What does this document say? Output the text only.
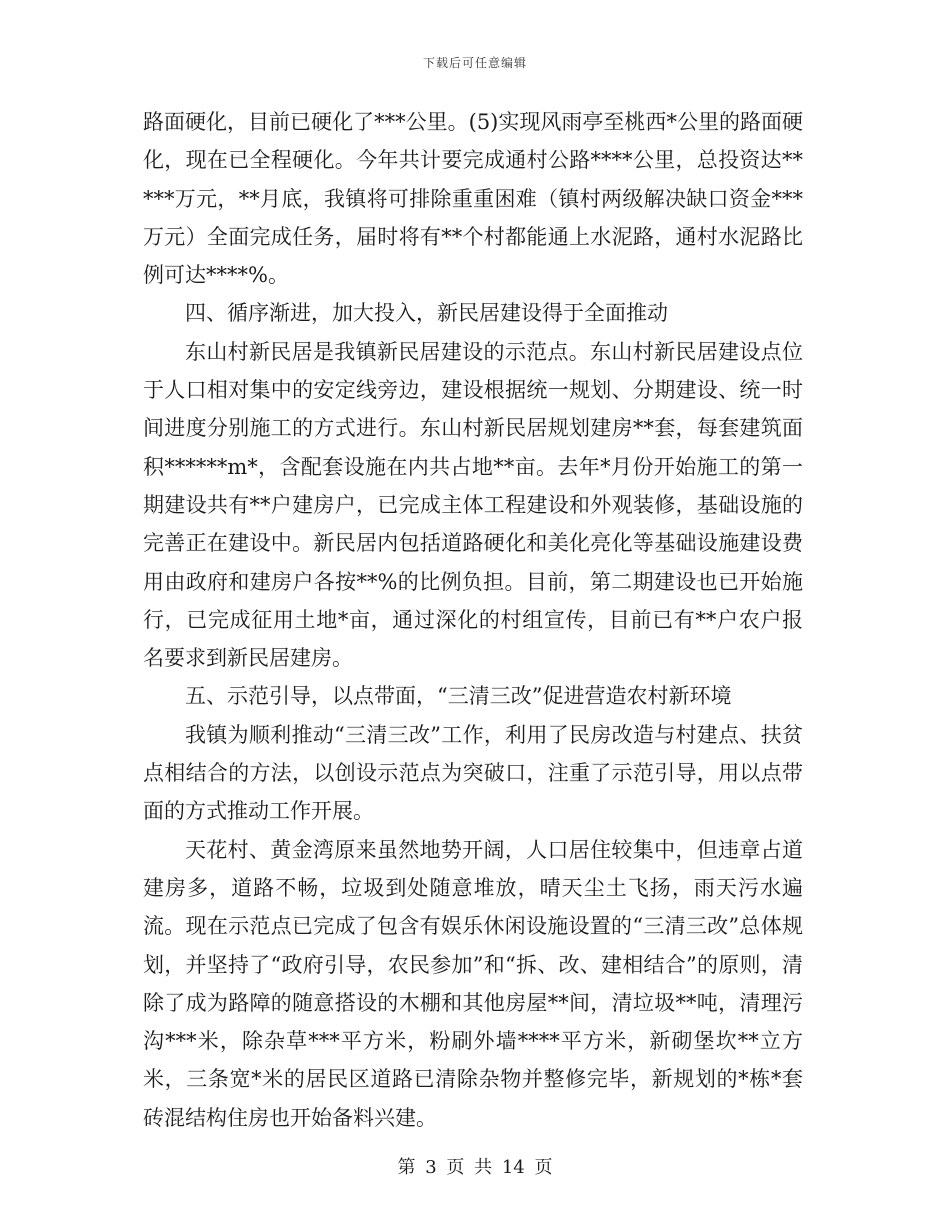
下载后可任意编辑

路面硬化，目前已硬化了***公里。(5)实现风雨亭至桃西*公里的路面硬化，现在已全程硬化。今年共计要完成通村公路****公里，总投资达*****万元，**月底，我镇将可排除重重困难（镇村两级解决缺口资金***万元）全面完成任务，届时将有**个村都能通上水泥路，通村水泥路比例可达****%。

四、循序渐进，加大投入，新民居建设得于全面推动

东山村新民居是我镇新民居建设的示范点。东山村新民居建设点位于人口相对集中的安定线旁边，建设根据统一规划、分期建设、统一时间进度分别施工的方式进行。东山村新民居规划建房**套，每套建筑面积******m*，含配套设施在内共占地**亩。去年*月份开始施工的第一期建设共有**户建房户，已完成主体工程建设和外观装修，基础设施的完善正在建设中。新民居内包括道路硬化和美化亮化等基础设施建设费用由政府和建房户各按**%的比例负担。目前，第二期建设也已开始施行，已完成征用土地*亩，通过深化的村组宣传，目前已有**户农户报名要求到新民居建房。

五、示范引导，以点带面，“三清三改”促进营造农村新环境

我镇为顺利推动“三清三改”工作，利用了民房改造与村建点、扶贫点相结合的方法，以创设示范点为突破口，注重了示范引导，用以点带面的方式推动工作开展。

天花村、黄金湾原来虽然地势开阔，人口居住较集中，但违章占道建房多，道路不畅，垃圾到处随意堆放，晴天尘土飞扬，雨天污水遍流。现在示范点已完成了包含有娱乐休闲设施设置的“三清三改”总体规划，并坚持了“政府引导，农民参加”和“拆、改、建相结合”的原则，清除了成为路障的随意搭设的木棚和其他房屋**间，清垃圾**吨，清理污沟***米，除杂草***平方米，粉刷外墙****平方米，新砌堡坎**立方米，三条宽*米的居民区道路已清除杂物并整修完毕，新规划的*栋*套砖混结构住房也开始备料兴建。

第 3 页 共 14 页
